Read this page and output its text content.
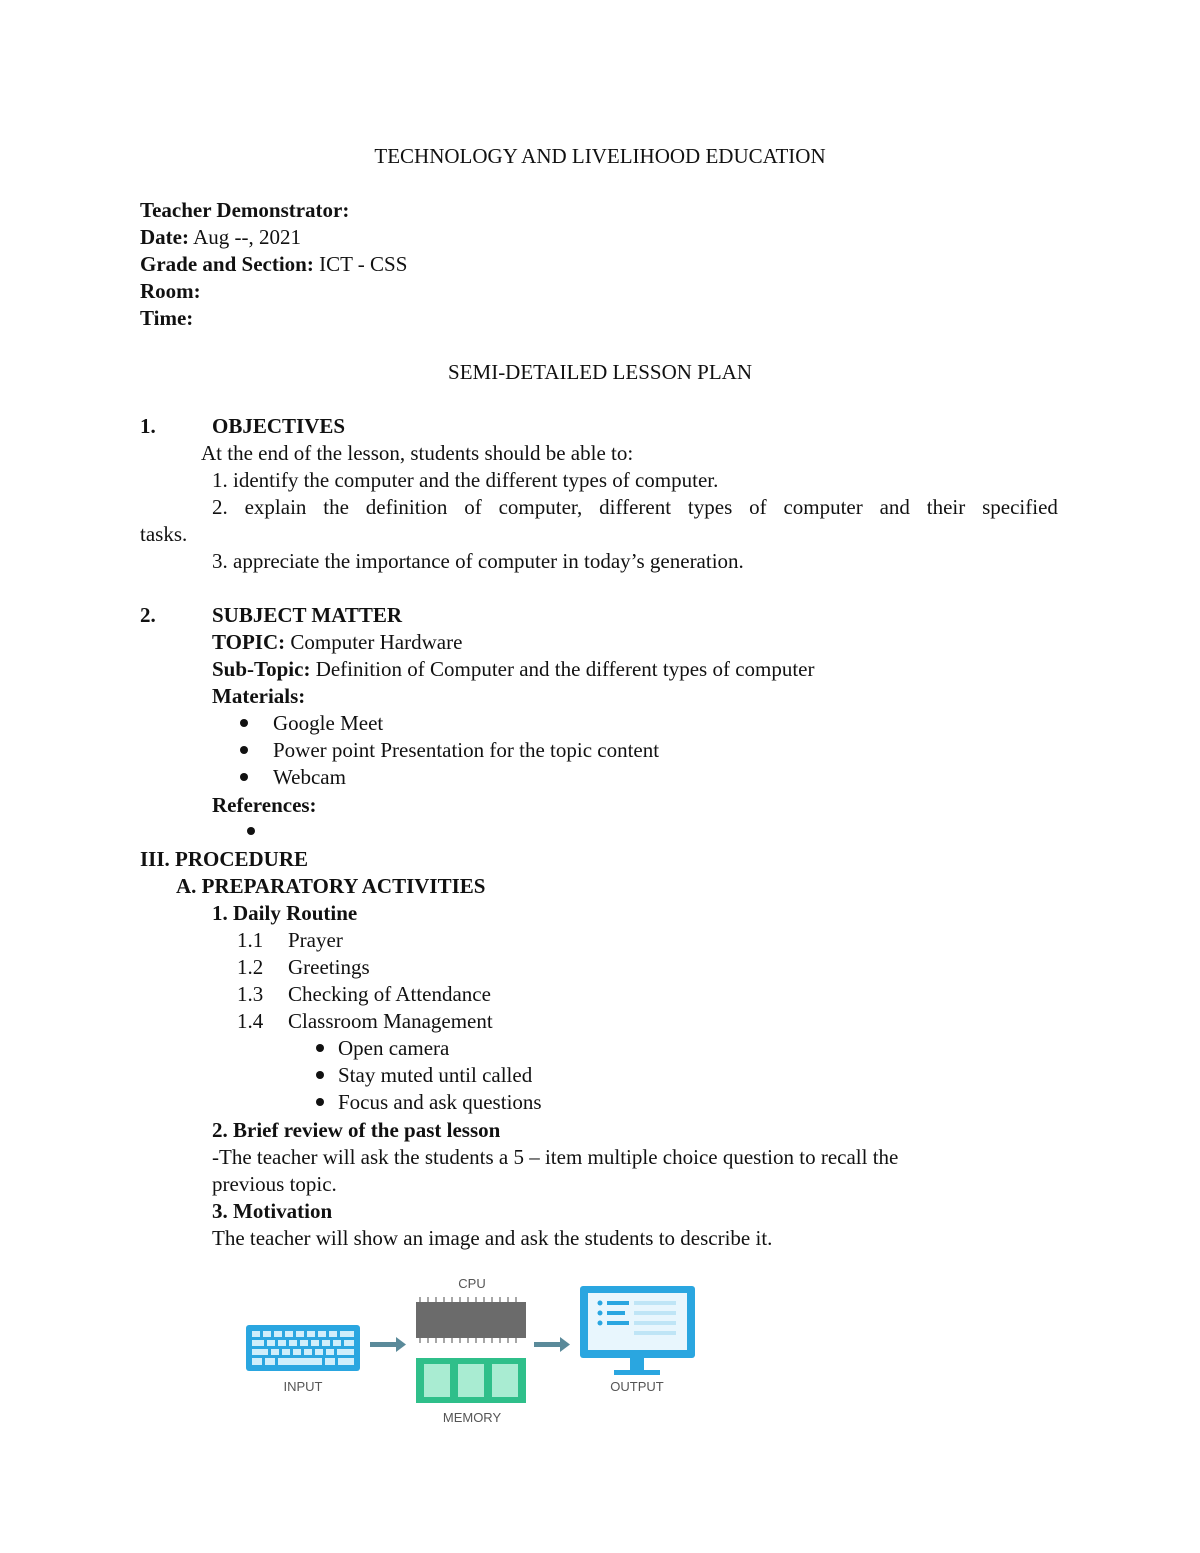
TECHNOLOGY AND LIVELIHOOD EDUCATION
Teacher Demonstrator:
Date: Aug --, 2021
Grade and Section: ICT - CSS
Room:
Time:
SEMI-DETAILED LESSON PLAN
1.	OBJECTIVES
At the end of the lesson, students should be able to:
1. identify the computer and the different types of computer.
2. explain the definition of computer, different types of computer and their specified
tasks.
3. appreciate the importance of computer in today’s generation.
2.	SUBJECT MATTER
TOPIC: Computer Hardware
Sub-Topic: Definition of Computer and the different types of computer
Materials:
Google Meet
Power point Presentation for the topic content
Webcam
References:
III. PROCEDURE
A. PREPARATORY ACTIVITIES
1. Daily Routine
1.1 Prayer
1.2 Greetings
1.3 Checking of Attendance
1.4 Classroom Management
Open camera
Stay muted until called
Focus and ask questions
2. Brief review of the past lesson
-The teacher will ask the students a 5 – item multiple choice question to recall the
previous topic.
3. Motivation
The teacher will show an image and ask the students to describe it.
INPUT
CPU
MEMORY
OUTPUT
